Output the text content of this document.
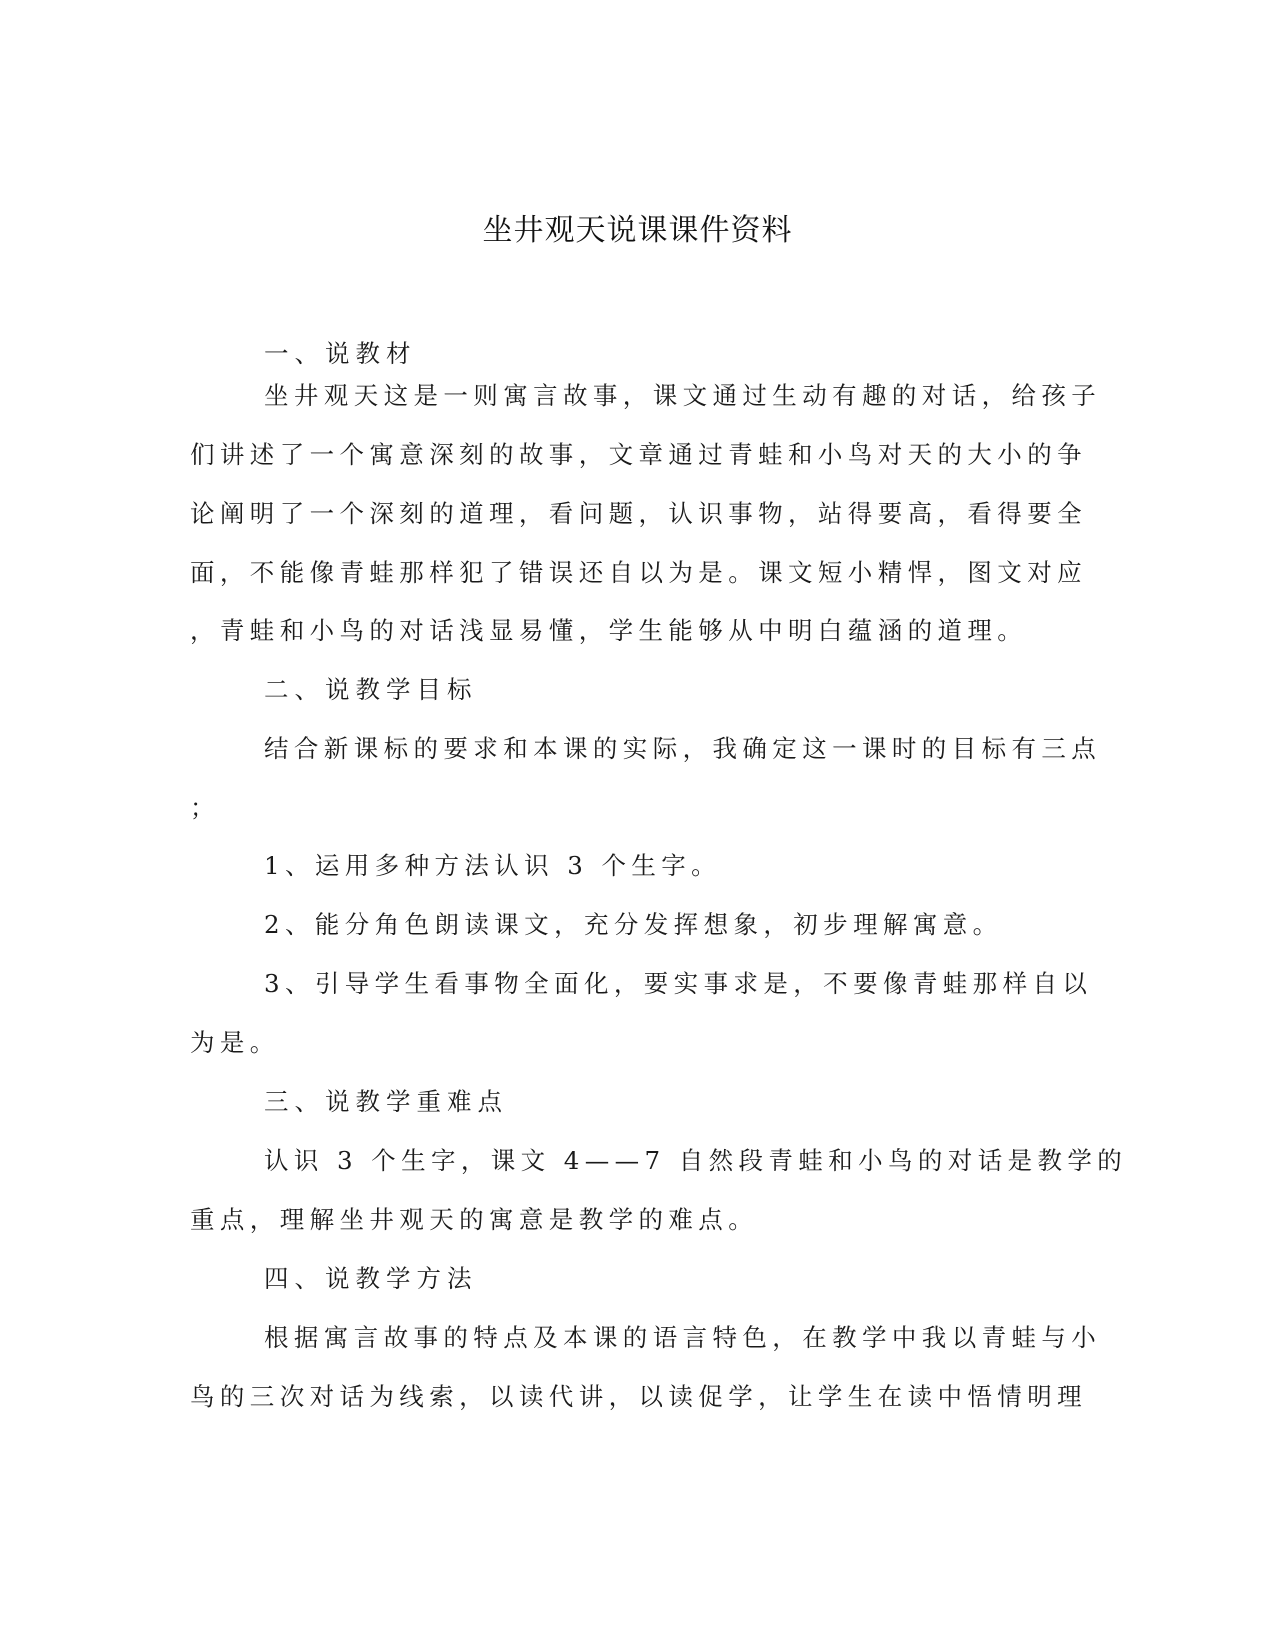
坐井观天说课课件资料
一、说教材
坐井观天这是一则寓言故事，课文通过生动有趣的对话，给孩子
们讲述了一个寓意深刻的故事，文章通过青蛙和小鸟对天的大小的争
论阐明了一个深刻的道理，看问题，认识事物，站得要高，看得要全
面，不能像青蛙那样犯了错误还自以为是。课文短小精悍，图文对应
，青蛙和小鸟的对话浅显易懂，学生能够从中明白蕴涵的道理。
二、说教学目标
结合新课标的要求和本课的实际，我确定这一课时的目标有三点
；
1、运用多种方法认识 3 个生字。
2、能分角色朗读课文，充分发挥想象，初步理解寓意。
3、引导学生看事物全面化，要实事求是，不要像青蛙那样自以
为是。
三、说教学重难点
认识 3 个生字，课文 4——7 自然段青蛙和小鸟的对话是教学的
重点，理解坐井观天的寓意是教学的难点。
四、说教学方法
根据寓言故事的特点及本课的语言特色，在教学中我以青蛙与小
鸟的三次对话为线索，以读代讲，以读促学，让学生在读中悟情明理
